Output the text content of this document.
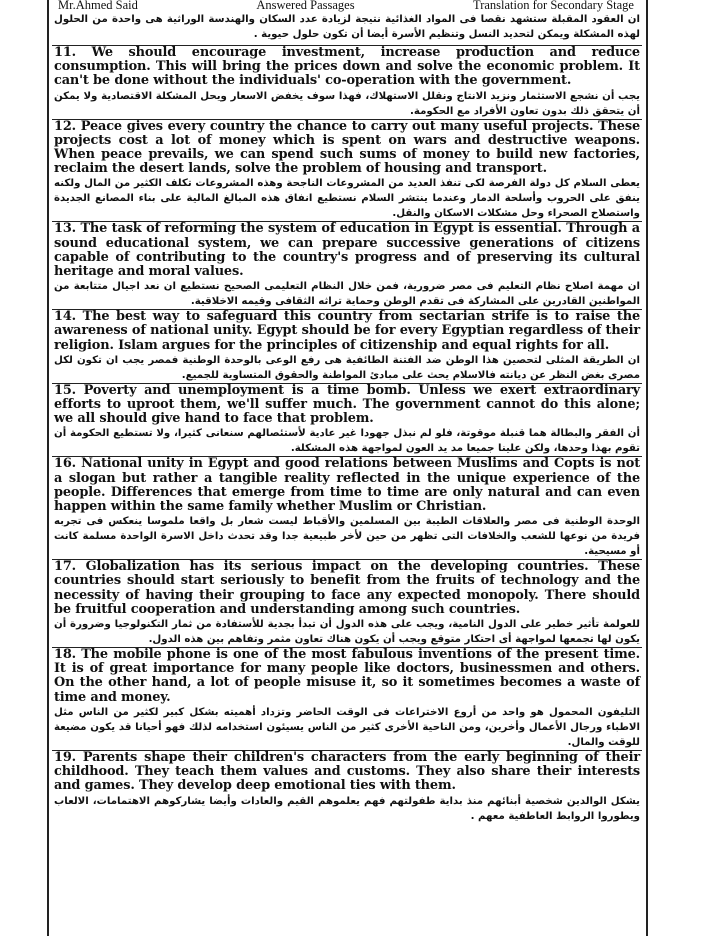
Mr.Ahmed Said	Answered Passages	Translation for Secondary Stage

ان العقود المقبلة ستشهد نقصا فى المواد الغذائية نتيجة لزيادة عدد السكان والهندسة الوراثية هى واحدة من الحلول لهذه المشكلة ويمكن لتحديد النسل وتنظيم الأسرة أيضا أن تكون حلول حيوية .

11. We should encourage investment, increase production and reduce consumption. This will bring the prices down and solve the economic problem. It can't be done without the individuals' co-operation with the government.

يجب أن نشجع الاستثمار ونزيد الانتاج ونقلل الاستهلاك، فهذا سوف يخفض الاسعار ويحل المشكلة الاقتصادية ولا يمكن أن يتحقق ذلك بدون تعاون الأفراد مع الحكومة.

12. Peace gives every country the chance to carry out many useful projects. These projects cost a lot of money which is spent on wars and destructive weapons. When peace prevails, we can spend such sums of money to build new factories, reclaim the desert lands, solve the problem of housing and transport.

يعطى السلام كل دولة الفرصة لكى تنفذ العديد من المشروعات الناجحة وهذه المشروعات تكلف الكثير من المال ولكنه ينفق على الحروب وأسلحة الدمار وعندما ينتشر السلام نستطيع انفاق هذه المبالغ المالية على بناء المصانع الجديدة واستصلاح الصحراء وحل مشكلات الاسكان والنقل.

13. The task of reforming the system of education in Egypt is essential. Through a sound educational system, we can prepare successive generations of citizens capable of contributing to the country's progress and of preserving its cultural heritage and moral values.

ان مهمة اصلاح نظام التعليم فى مصر ضرورية، فمن خلال النظام التعليمى الصحيح نستطيع ان نعد اجيال متتابعة من المواطنين القادرين على المشاركة فى تقدم الوطن وحماية تراثه الثقافى وقيمه الاخلاقية.

14. The best way to safeguard this country from sectarian strife is to raise the awareness of national unity. Egypt should be for every Egyptian regardless of their religion. Islam argues for the principles of citizenship and equal rights for all.

ان الطريقة المثلى لتحصين هذا الوطن ضد الفتنة الطائفية هى رفع الوعى بالوحدة الوطنية فمصر يجب ان تكون لكل مصرى بغض النظر عن ديانته فالاسلام يحث على مبادئ المواطنة والحقوق المتساوية للجميع.

15. Poverty and unemployment is a time bomb. Unless we exert extraordinary efforts to uproot them, we'll suffer much. The government cannot do this alone; we all should give hand to face that problem.

أن الفقر والبطالة هما قنبلة موقوتة، فلو لم نبذل جهودا غير عادية لأستئصالهم سنعانى كثيرا، ولا تستطيع الحكومة أن تقوم بهذا وحدها، ولكن علينا جميعا مد يد العون لمواجهة هذه المشكلة.

16. National unity in Egypt and good relations between Muslims and Copts is not a slogan but rather a tangible reality reflected in the unique experience of the people. Differences that emerge from time to time are only natural and can even happen within the same family whether Muslim or Christian.

الوحدة الوطنية فى مصر والعلاقات الطيبة بين المسلمين والأقباط ليست شعار بل واقعا ملموسا ينعكس فى تجربه فريدة من نوعها للشعب والخلافات التى تظهر من حين لأخر طبيعية جدا وقد تحدث داخل الاسرة الواحدة مسلمة كانت أو مسيحية.

17. Globalization has its serious impact on the developing countries. These countries should start seriously to benefit from the fruits of technology and the necessity of having their grouping to face any expected monopoly. There should be fruitful cooperation and understanding among such countries.

للعولمة تأثير خطير على الدول النامية، ويجب على هذه الدول أن تبدأ بجدية للأستفادة من ثمار التكنولوجيا وضرورة أن يكون لها تجمعها لمواجهة أى احتكار متوقع ويجب أن يكون هناك تعاون مثمر وتفاهم بين هذه الدول.

18. The mobile phone is one of the most fabulous inventions of the present time. It is of great importance for many people like doctors, businessmen and others. On the other hand, a lot of people misuse it, so it sometimes becomes a waste of time and money.

التليفون المحمول هو واحد من أروع الاختراعات فى الوقت الحاضر وتزداد أهميته بشكل كبير لكثير من الناس مثل الاطباء ورجال الأعمال وأخرين، ومن الناحية الأخرى كثير من الناس يسيئون استخدامه لذلك فهو أحيانا قد يكون مضيعة للوقت والمال.

19. Parents shape their children's characters from the early beginning of their childhood. They teach them values and customs. They also share their interests and games. They develop deep emotional ties with them.

يشكل الوالدين شخصية أبنائهم منذ بداية طفولتهم فهم يعلموهم القيم والعادات وأيضا يشاركوهم الاهتمامات، الالعاب ويطوروا الروابط العاطفية معهم .
